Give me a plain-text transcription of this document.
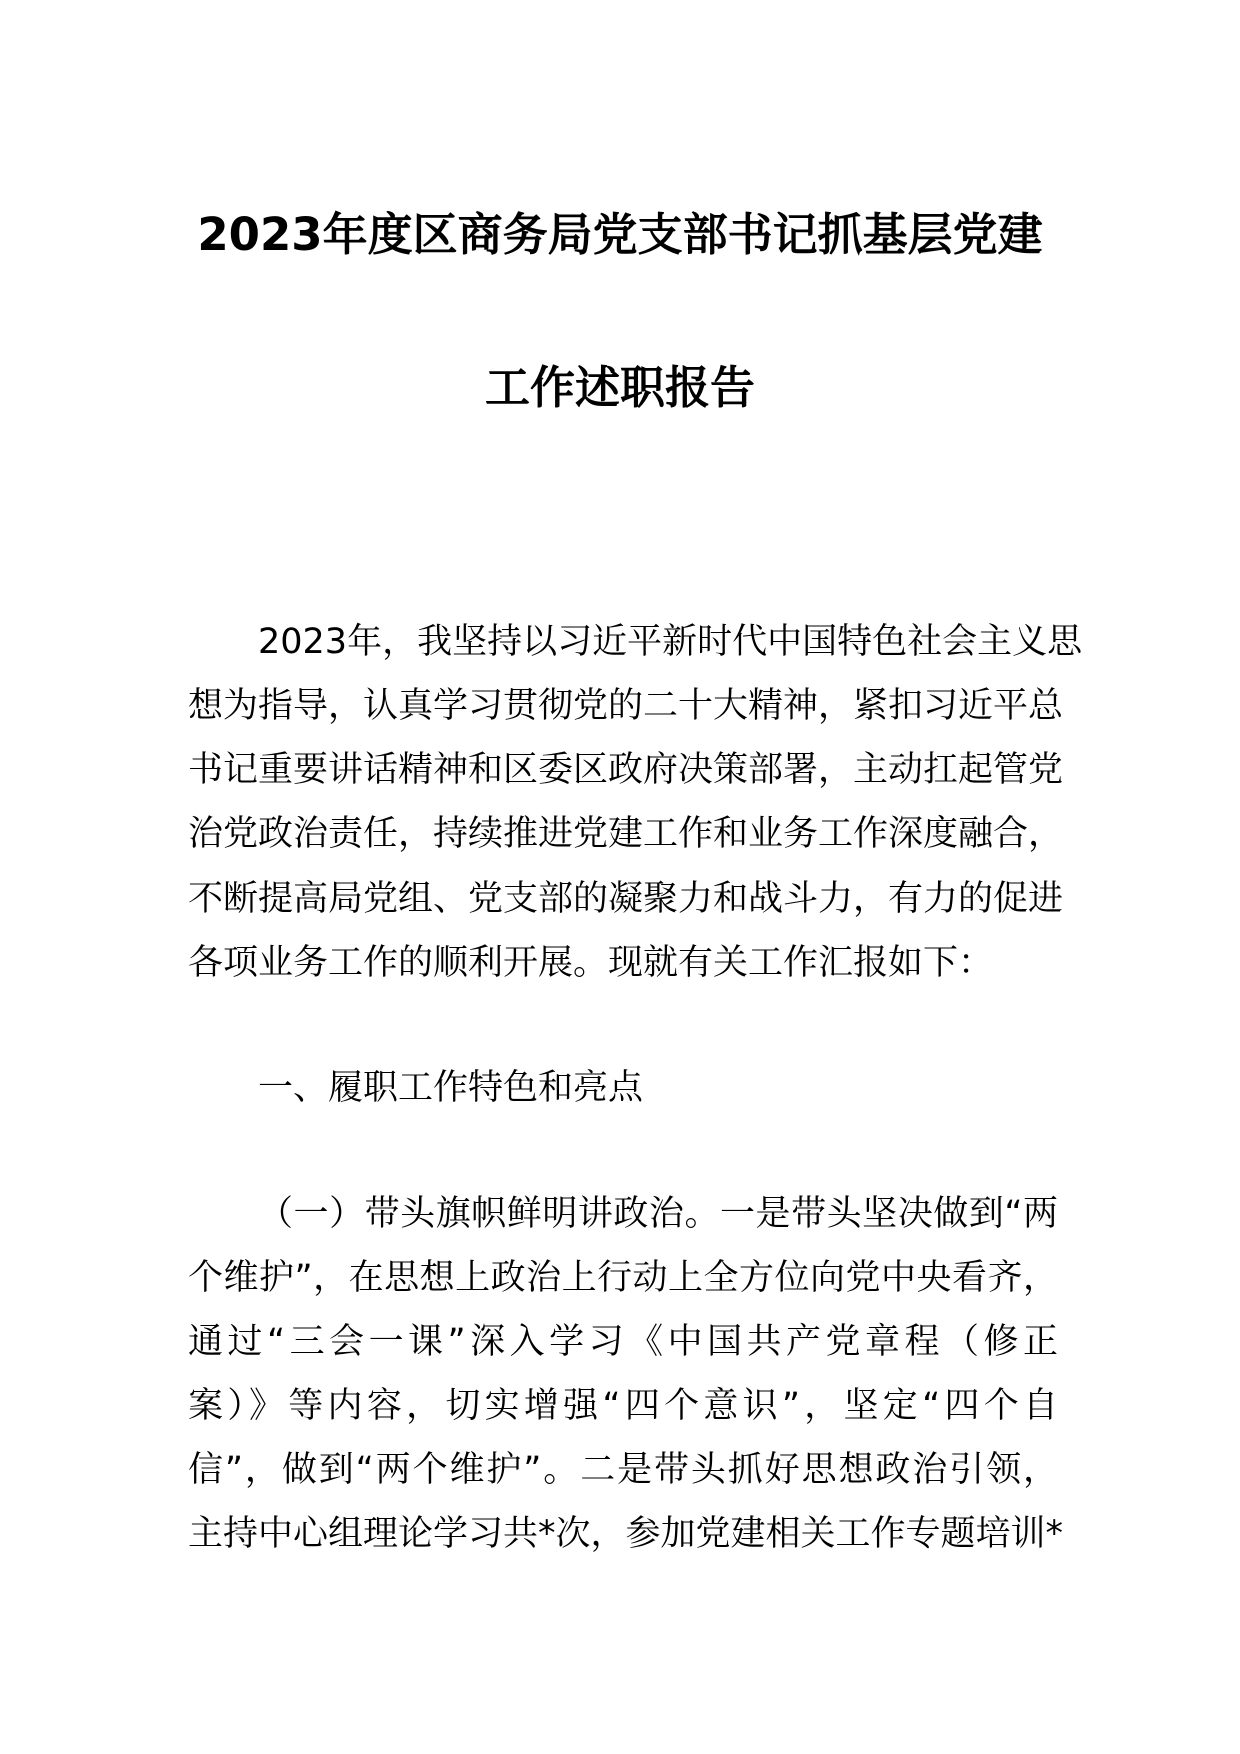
2023年度区商务局党支部书记抓基层党建
工作述职报告
2023年，我坚持以习近平新时代中国特色社会主义思
想为指导，认真学习贯彻党的二十大精神，紧扣习近平总
书记重要讲话精神和区委区政府决策部署，主动扛起管党
治党政治责任，持续推进党建工作和业务工作深度融合，
不断提高局党组、党支部的凝聚力和战斗力，有力的促进
各项业务工作的顺利开展。现就有关工作汇报如下：
一、履职工作特色和亮点
（一）带头旗帜鲜明讲政治。一是带头坚决做到“两
个维护”，在思想上政治上行动上全方位向党中央看齐，
通过“三会一课”深入学习《中国共产党章程（修正
案）》等内容，切实增强“四个意识”，坚定“四个自
信”，做到“两个维护”。二是带头抓好思想政治引领，
主持中心组理论学习共*次，参加党建相关工作专题培训*
